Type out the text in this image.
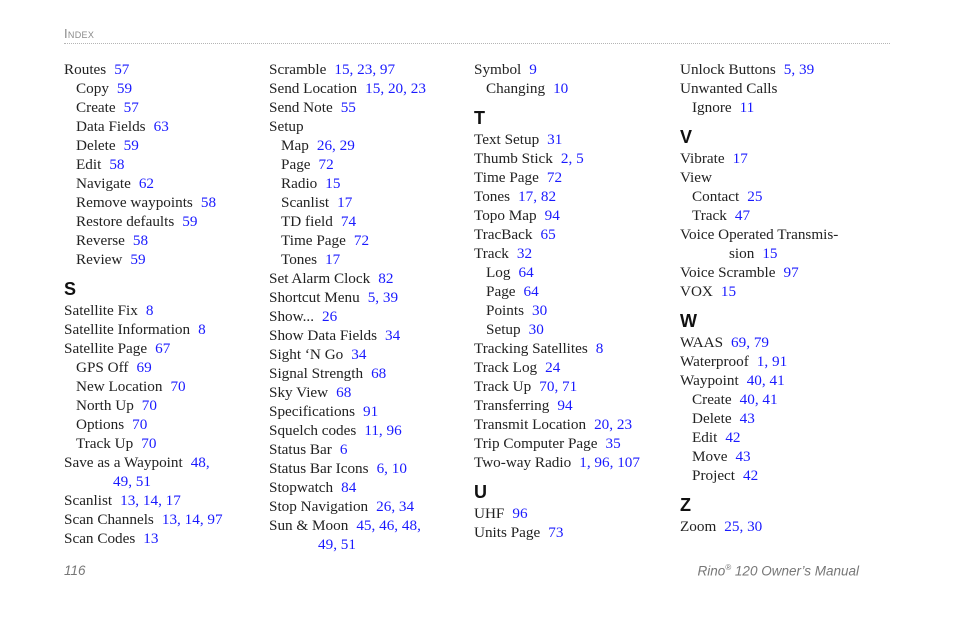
Index
Routes 57
Copy 59
Create 57
Data Fields 63
Delete 59
Edit 58
Navigate 62
Remove waypoints 58
Restore defaults 59
Reverse 58
Review 59
S
Satellite Fix 8
Satellite Information 8
Satellite Page 67
GPS Off 69
New Location 70
North Up 70
Options 70
Track Up 70
Save as a Waypoint 48,
49, 51
Scanlist 13, 14, 17
Scan Channels 13, 14, 97
Scan Codes 13
Scramble 15, 23, 97
Send Location 15, 20, 23
Send Note 55
Setup
Map 26, 29
Page 72
Radio 15
Scanlist 17
TD field 74
Time Page 72
Tones 17
Set Alarm Clock 82
Shortcut Menu 5, 39
Show... 26
Show Data Fields 34
Sight ‘N Go 34
Signal Strength 68
Sky View 68
Specifications 91
Squelch codes 11, 96
Status Bar 6
Status Bar Icons 6, 10
Stopwatch 84
Stop Navigation 26, 34
Sun & Moon 45, 46, 48,
49, 51
Symbol 9
Changing 10
T
Text Setup 31
Thumb Stick 2, 5
Time Page 72
Tones 17, 82
Topo Map 94
TracBack 65
Track 32
Log 64
Page 64
Points 30
Setup 30
Tracking Satellites 8
Track Log 24
Track Up 70, 71
Transferring 94
Transmit Location 20, 23
Trip Computer Page 35
Two-way Radio 1, 96, 107
U
UHF 96
Units Page 73
Unlock Buttons 5, 39
Unwanted Calls
Ignore 11
V
Vibrate 17
View
Contact 25
Track 47
Voice Operated Transmis-
sion 15
Voice Scramble 97
VOX 15
W
WAAS 69, 79
Waterproof 1, 91
Waypoint 40, 41
Create 40, 41
Delete 43
Edit 42
Move 43
Project 42
Z
Zoom 25, 30
116	Rino® 120 Owner’s Manual
